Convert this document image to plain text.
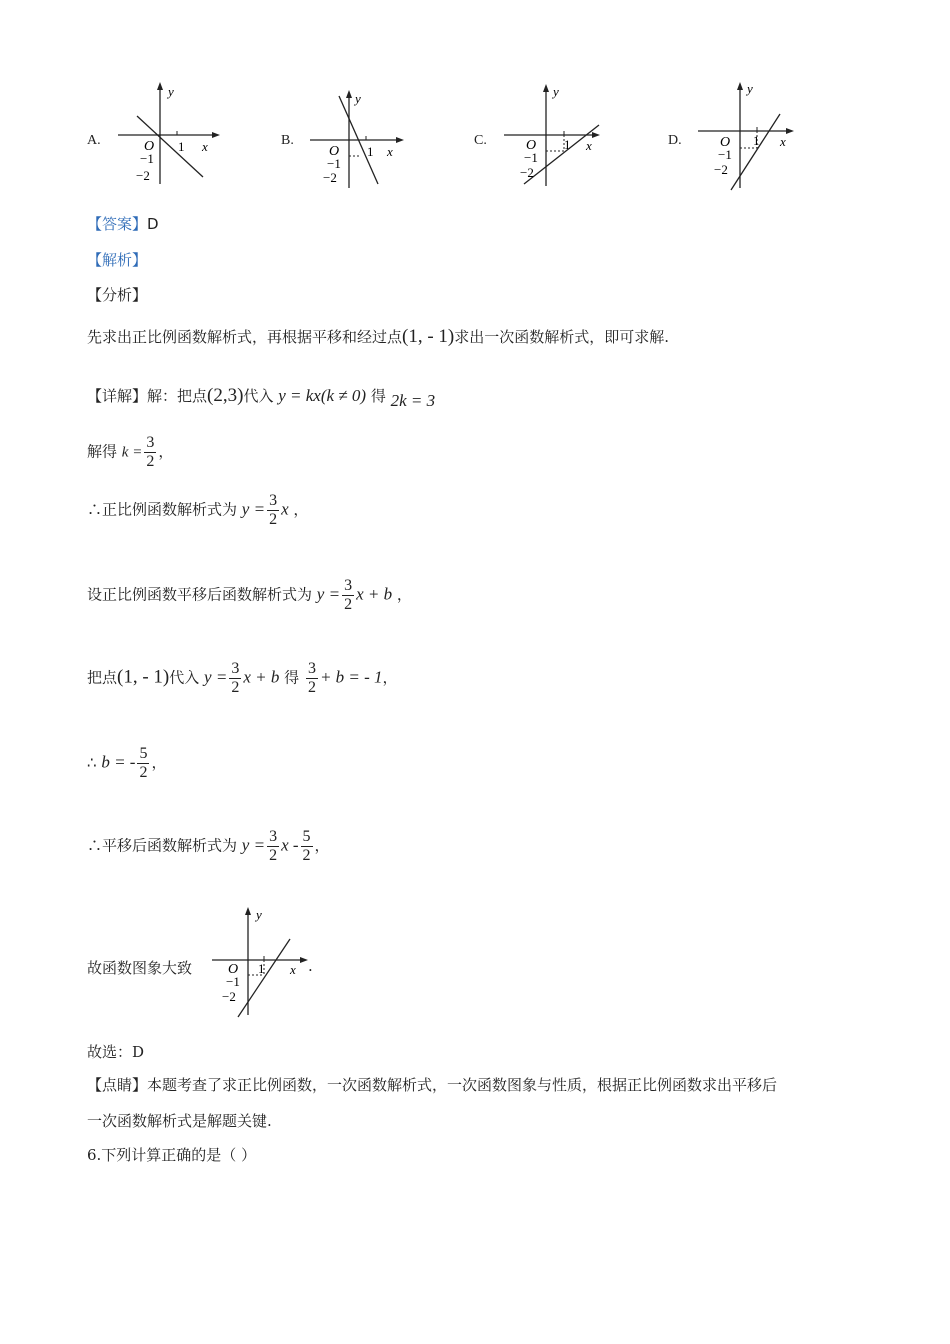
A.
y
x
O 1
−1
−2
B.
y
x
O 1
−1
−2
C.
y
x
O 1
−1
−2
D.
y
x
O 1
−1
−2
【答案】D
【解析】
【分析】
先求出正比例函数解析式，再根据平移和经过点(1, - 1)求出一次函数解析式，即可求解.
【详解】解：把点(2,3)代入 y = kx(k ≠ 0) 得 2k = 3
解得 $k = \frac{3}{2}$ ，
∴正比例函数解析式为 $y = \frac{3}{2}$ x ，
设正比例函数平移后函数解析式为 $y = \frac{3}{2}$ x + b ，
把点(1, - 1)代入 $y = \frac{3}{2}$ x + b 得 $\frac{3}{2} + b$ = - 1，
∴ b = - $\frac{5}{2}$ ，
∴平移后函数解析式为 $y = \frac{3}{2}$ x - $\frac{5}{2}$ ，
故函数图象大致
y
x
O 1
−1
−2
.
故选：D
【点睛】本题考查了求正比例函数，一次函数解析式，一次函数图象与性质，根据正比例函数求出平移后
一次函数解析式是解题关键.
6.下列计算正确的是（ ）
